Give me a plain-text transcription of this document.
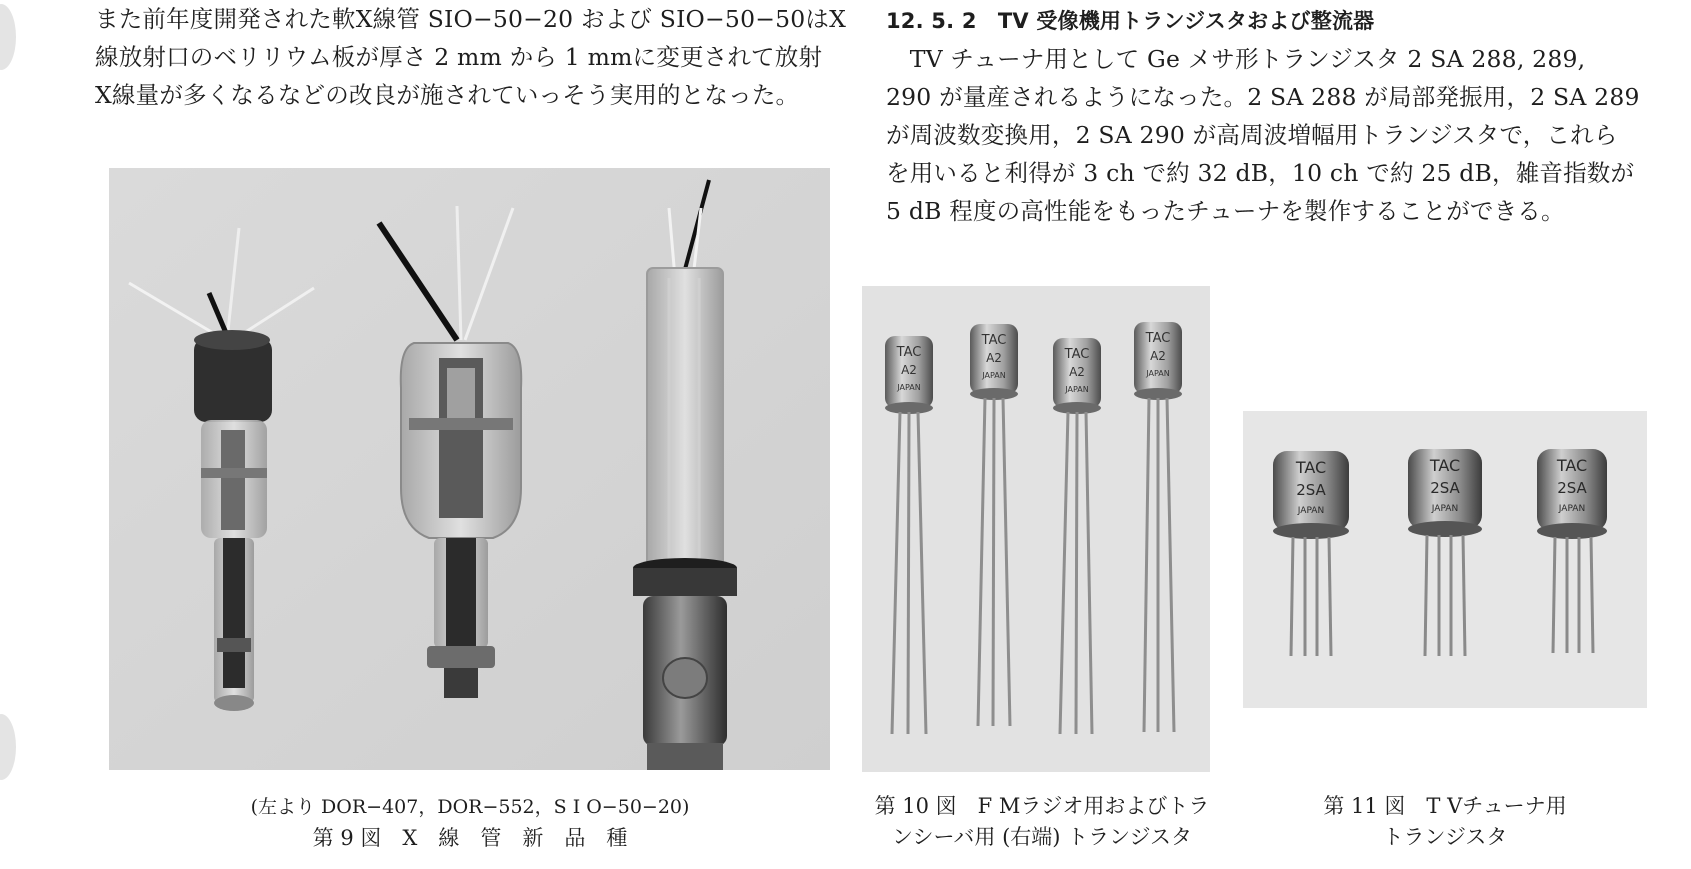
また前年度開発された軟X線管 SIO−50−20 および SIO−50−50はX
線放射口のベリリウム板が厚さ 2 mm から 1 mmに変更されて放射
X線量が多くなるなどの改良が施されていっそう実用的となった。
12. 5. 2　TV 受像機用トランジスタおよび整流器
　TV チューナ用として Ge メサ形トランジスタ 2 SA 288, 289,
290 が量産されるようになった。2 SA 288 が局部発振用，2 SA 289
が周波数変換用，2 SA 290 が高周波増幅用トランジスタで，これら
を用いると利得が 3 ch で約 32 dB，10 ch で約 25 dB，雑音指数が
5 dB 程度の高性能をもったチューナを製作することができる。
(左より DOR−407，DOR−552，S I O−50−20)
第 9 図　X　線　管　新　品　種
TAC
A2
JAPAN
TAC
A2
JAPAN
TAC
A2
JAPAN
TAC
A2
JAPAN
第 10 図　F Mラジオ用およびトラ
ンシーバ用 (右端) トランジスタ
TAC
2SA
JAPAN
TAC
2SA
JAPAN
TAC
2SA
JAPAN
第 11 図　T Vチューナ用
トランジスタ
